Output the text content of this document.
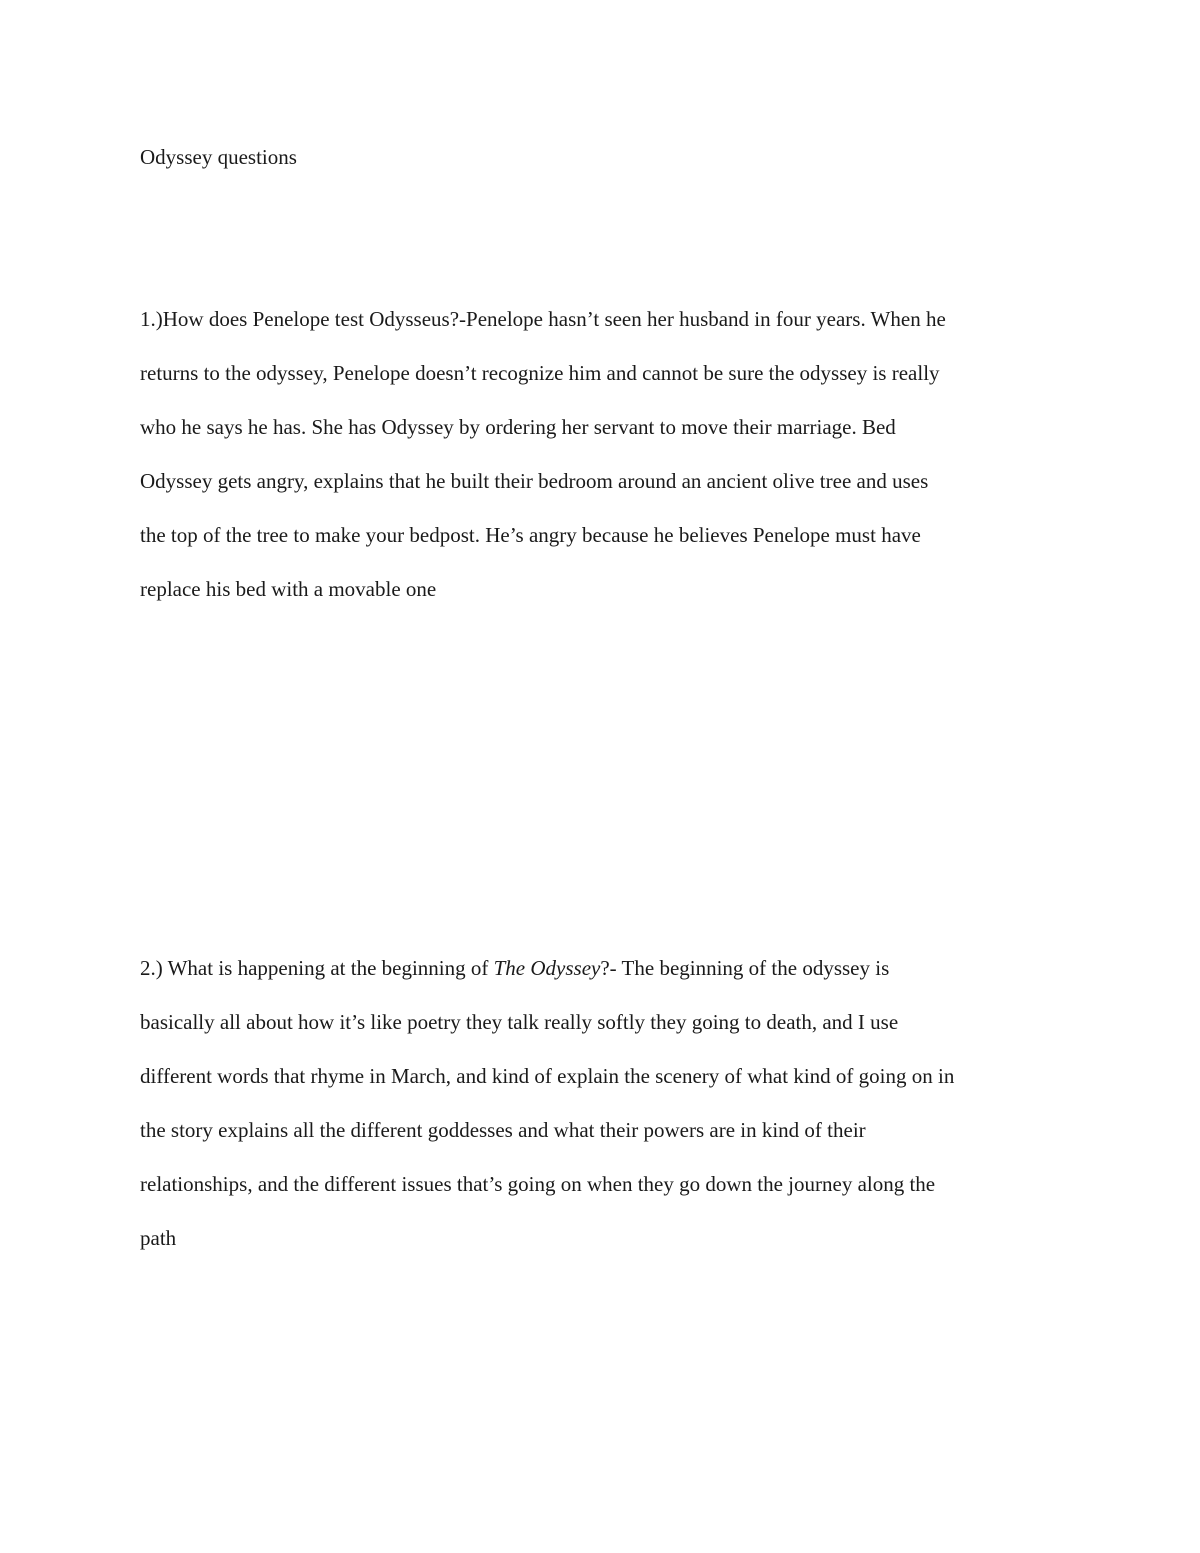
Odyssey questions

1.)How does Penelope test Odysseus?-Penelope hasn’t seen her husband in four years. When he
returns to the odyssey, Penelope doesn’t recognize him and cannot be sure the odyssey is really
who he says he has. She has Odyssey by ordering her servant to move their marriage. Bed
Odyssey gets angry, explains that he built their bedroom around an ancient olive tree and uses
the top of the tree to make your bedpost. He’s angry because he believes Penelope must have
replace his bed with a movable one

2.) What is happening at the beginning of The Odyssey?- The beginning of the odyssey is
basically all about how it’s like poetry they talk really softly they going to death, and I use
different words that rhyme in March, and kind of explain the scenery of what kind of going on in
the story explains all the different goddesses and what their powers are in kind of their
relationships, and the different issues that’s going on when they go down the journey along the
path
